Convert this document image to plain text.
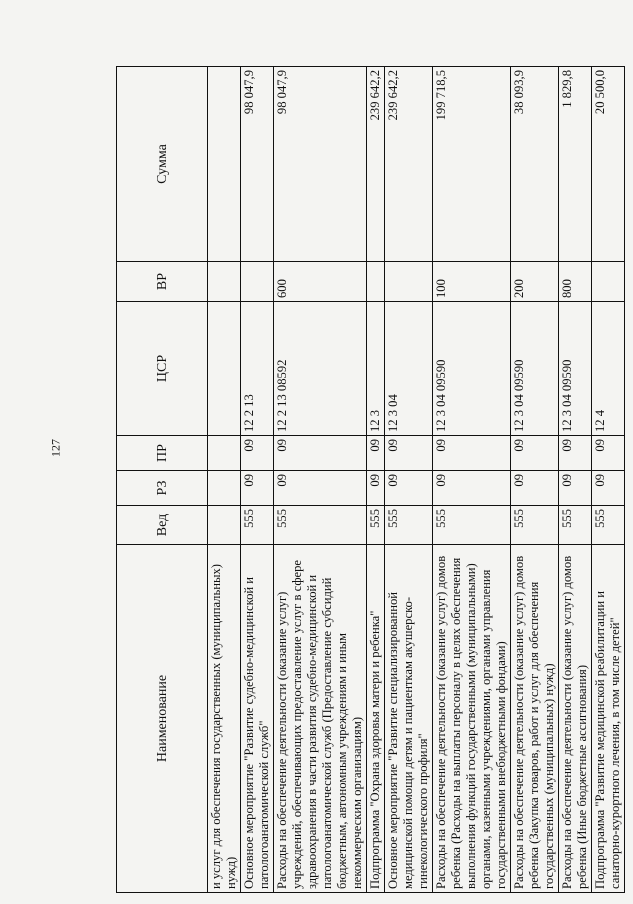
127
Наименование	Вед	РЗ	ПР	ЦСР	ВР	Сумма
и услуг для обеспечения государственных (муниципальных) нужд)						
Основное мероприятие "Развитие судебно-медицинской и патологоанатомической служб"	555	09	09	12 2 13		98 047,9
Расходы на обеспечение деятельности (оказание услуг) учреждений, обеспечивающих предоставление услуг в сфере здравоохранения в части развития судебно-медицинской и патологоанатомической служб (Предоставление субсидий бюджетным, автономным учреждениям и иным некоммерческим организациям)	555	09	09	12 2 13 08592	600	98 047,9
Подпрограмма "Охрана здоровья матери и ребенка"	555	09	09	12 3		239 642,2
Основное мероприятие "Развитие специализированной медицинской помощи детям и пациенткам акушерско-гинекологического профиля"	555	09	09	12 3 04		239 642,2
Расходы на обеспечение деятельности (оказание услуг) домов ребенка (Расходы на выплаты персоналу в целях обеспечения выполнения функций государственными (муниципальными) органами, казенными учреждениями, органами управления государственными внебюджетными фондами)	555	09	09	12 3 04 09590	100	199 718,5
Расходы на обеспечение деятельности (оказание услуг) домов ребенка (Закупка товаров, работ и услуг для обеспечения государственных (муниципальных) нужд)	555	09	09	12 3 04 09590	200	38 093,9
Расходы на обеспечение деятельности (оказание услуг) домов ребенка (Иные бюджетные ассигнования)	555	09	09	12 3 04 09590	800	1 829,8
Подпрограмма "Развитие медицинской реабилитации и санаторно-курортного лечения, в том числе детей"	555	09	09	12 4		20 500,0
